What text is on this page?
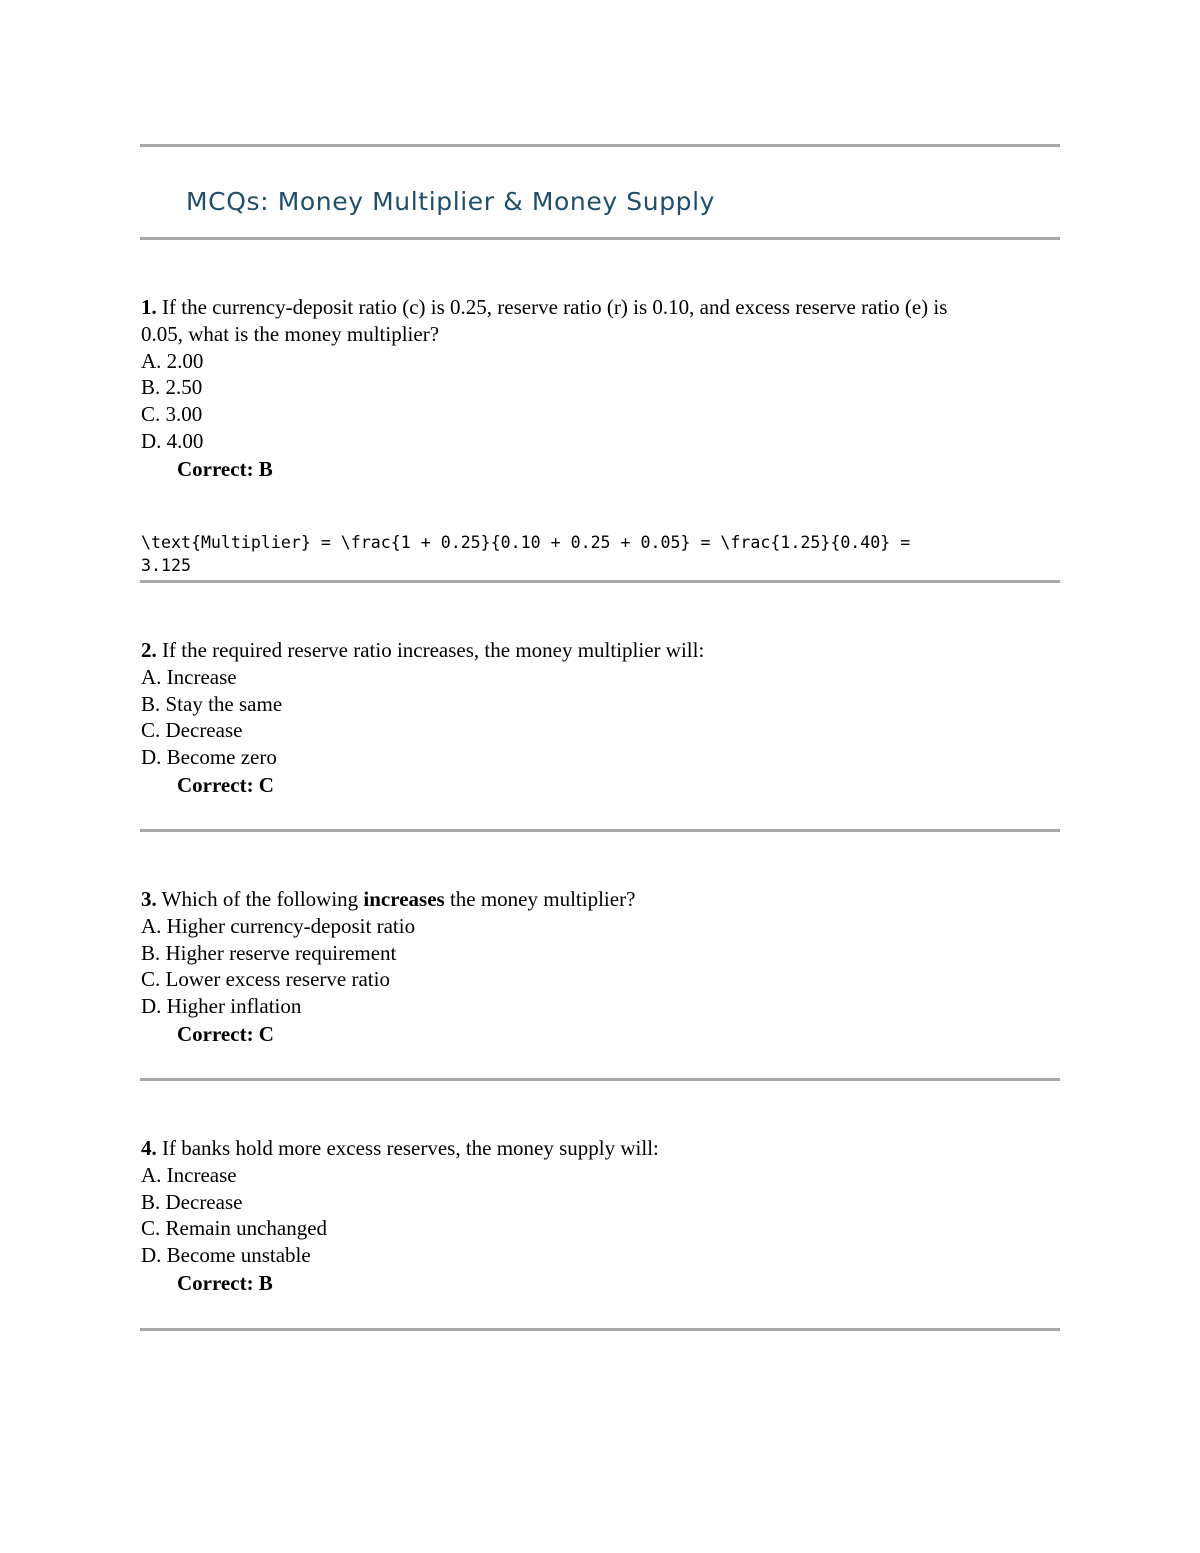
MCQs: Money Multiplier & Money Supply
1. If the currency-deposit ratio (c) is 0.25, reserve ratio (r) is 0.10, and excess reserve ratio (e) is
0.05, what is the money multiplier?
A. 2.00
B. 2.50
C. 3.00
D. 4.00
Correct: B
\text{Multiplier} = \frac{1 + 0.25}{0.10 + 0.25 + 0.05} = \frac{1.25}{0.40} =
3.125
2. If the required reserve ratio increases, the money multiplier will:
A. Increase
B. Stay the same
C. Decrease
D. Become zero
Correct: C
3. Which of the following increases the money multiplier?
A. Higher currency-deposit ratio
B. Higher reserve requirement
C. Lower excess reserve ratio
D. Higher inflation
Correct: C
4. If banks hold more excess reserves, the money supply will:
A. Increase
B. Decrease
C. Remain unchanged
D. Become unstable
Correct: B
